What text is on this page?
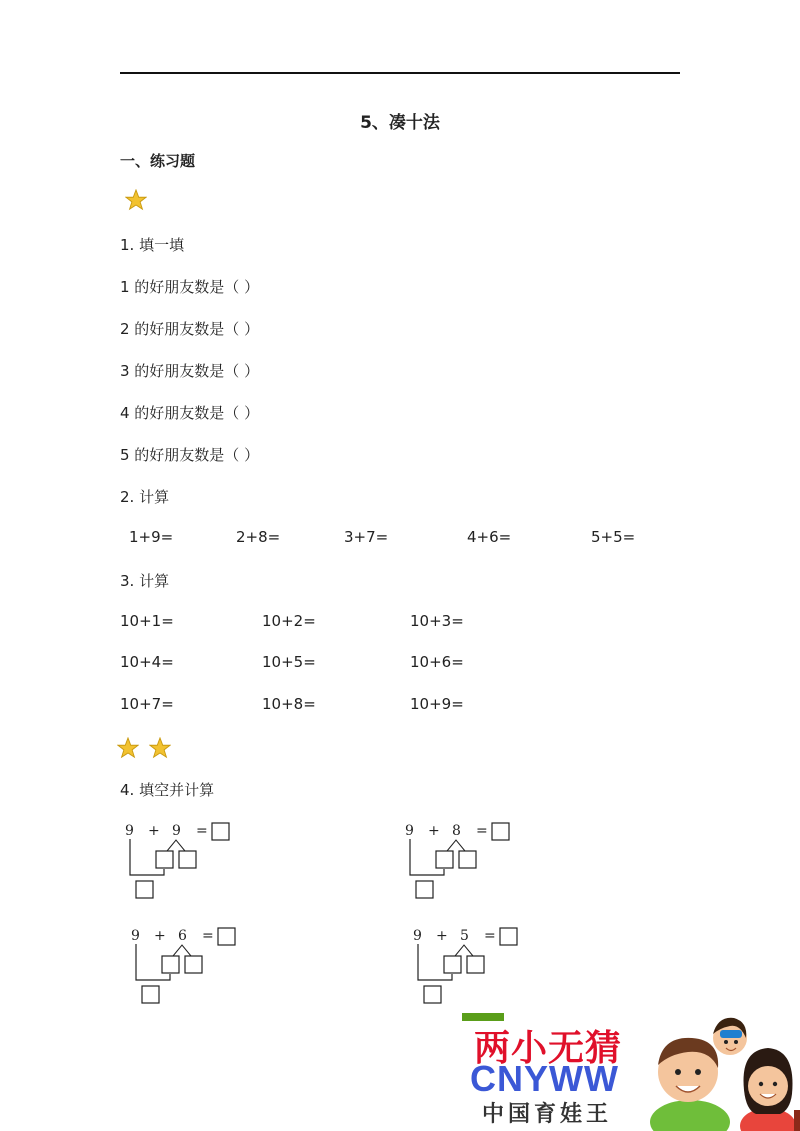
5、凑十法
一、练习题
1. 填一填
1 的好朋友数是（ ）
2 的好朋友数是（ ）
3 的好朋友数是（ ）
4 的好朋友数是（ ）
5 的好朋友数是（ ）
2. 计算
1+9=	2+8=	3+7=	4+6=	5+5=
3. 计算
10+1=	10+2=	10+3=
10+4=	10+5=	10+6=
10+7=	10+8=	10+9=
4. 填空并计算
9 + 9 =	9 + 8 =
9 + 6 =	9 + 5 =
两小无猜
CNYWW
中国育娃王
